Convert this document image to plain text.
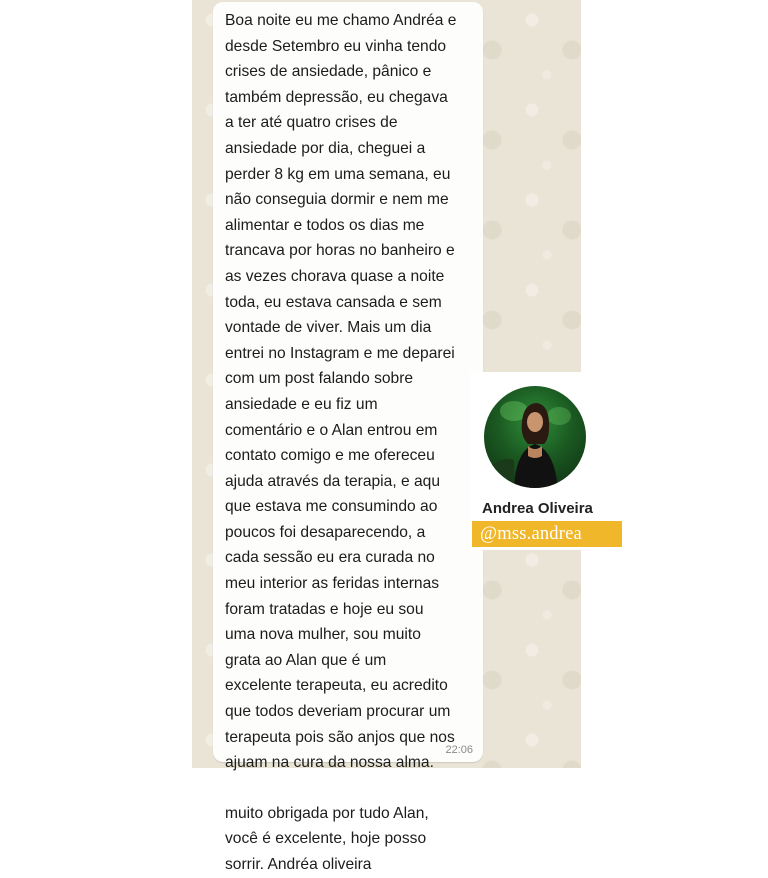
Boa noite eu me chamo Andréa e
desde Setembro eu vinha tendo
crises de ansiedade, pânico e
também depressão, eu chegava
a ter até quatro crises de
ansiedade por dia, cheguei a
perder 8 kg em uma semana, eu
não conseguia dormir e nem me
alimentar e todos os dias me
trancava por horas no banheiro e
as vezes chorava quase a noite
toda, eu estava cansada e sem
vontade de viver. Mais um dia
entrei no Instagram e me deparei
com um post falando sobre
ansiedade e eu fiz um
comentário e o Alan entrou em
contato comigo e me ofereceu
ajuda através da terapia, e aqu
que estava me consumindo ao
poucos foi desaparecendo, a
cada sessão eu era curada no
meu interior as feridas internas
foram tratadas e hoje eu sou
uma nova mulher, sou muito
grata ao Alan que é um
excelente terapeuta, eu acredito
que todos deveriam procurar um
terapeuta pois são anjos que nos
ajuam na cura da nossa alma.

muito obrigada por tudo Alan,
você é excelente, hoje posso
sorrir. Andréa oliveira

22:06
Andrea Oliveira
@mss.andrea
